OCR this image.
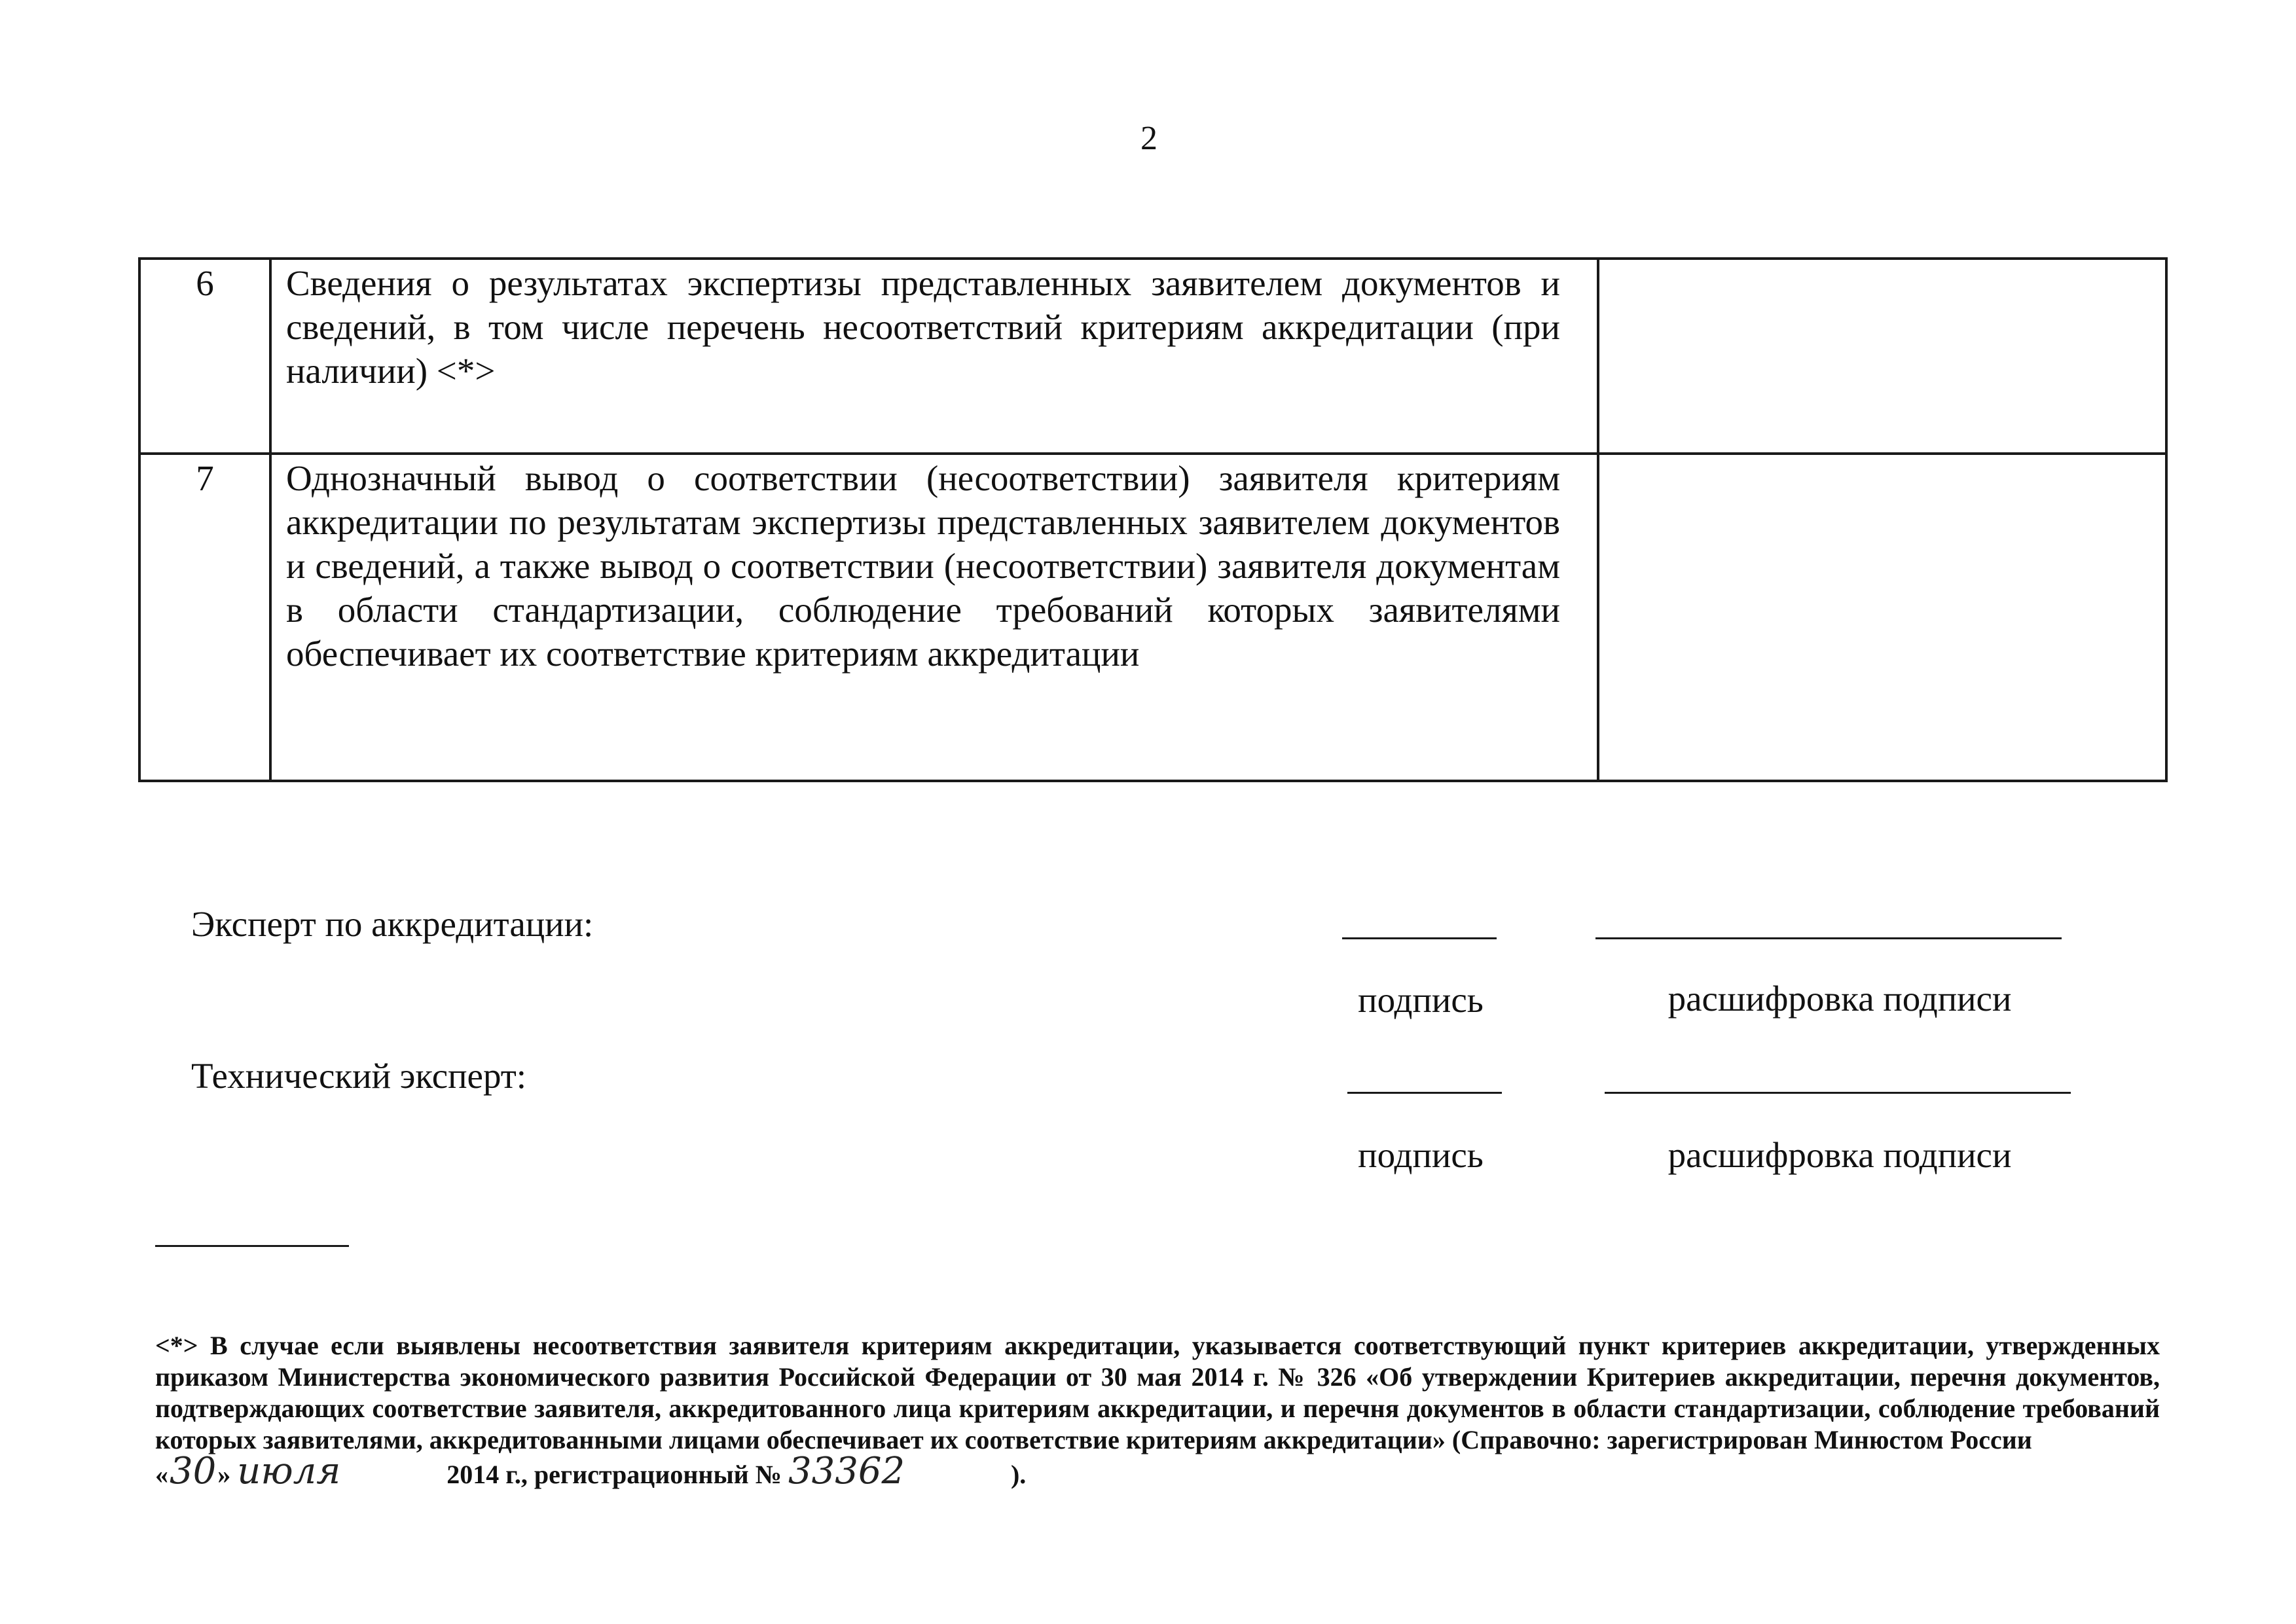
2
6	Сведения о результатах экспертизы представленных заявителем документов и сведений, в том числе перечень несоответствий критериям аккредитации (при наличии) <*>	
7	Однозначный вывод о соответствии (несоответствии) заявителя критериям аккредитации по результатам экспертизы представленных заявителем документов и сведений, а также вывод о соответствии (несоответствии) заявителя документам в области стандартизации, соблюдение требований которых заявителями обеспечивает их соответствие критериям аккредитации	
Эксперт по аккредитации:
подпись	расшифровка подписи
Технический эксперт:
подпись	расшифровка подписи
<*> В случае если выявлены несоответствия заявителя критериям аккредитации, указывается соответствующий пункт критериев аккредитации, утвержденных приказом Министерства экономического развития Российской Федерации от 30 мая 2014 г. № 326 «Об утверждении Критериев аккредитации, перечня документов, подтверждающих соответствие заявителя, аккредитованного лица критериям аккредитации, и перечня документов в области стандартизации, соблюдение требований которых заявителями, аккредитованными лицами обеспечивает их соответствие критериям аккредитации» (Справочно: зарегистрирован Минюстом России
«30» июля	2014 г., регистрационный № 33362	).
